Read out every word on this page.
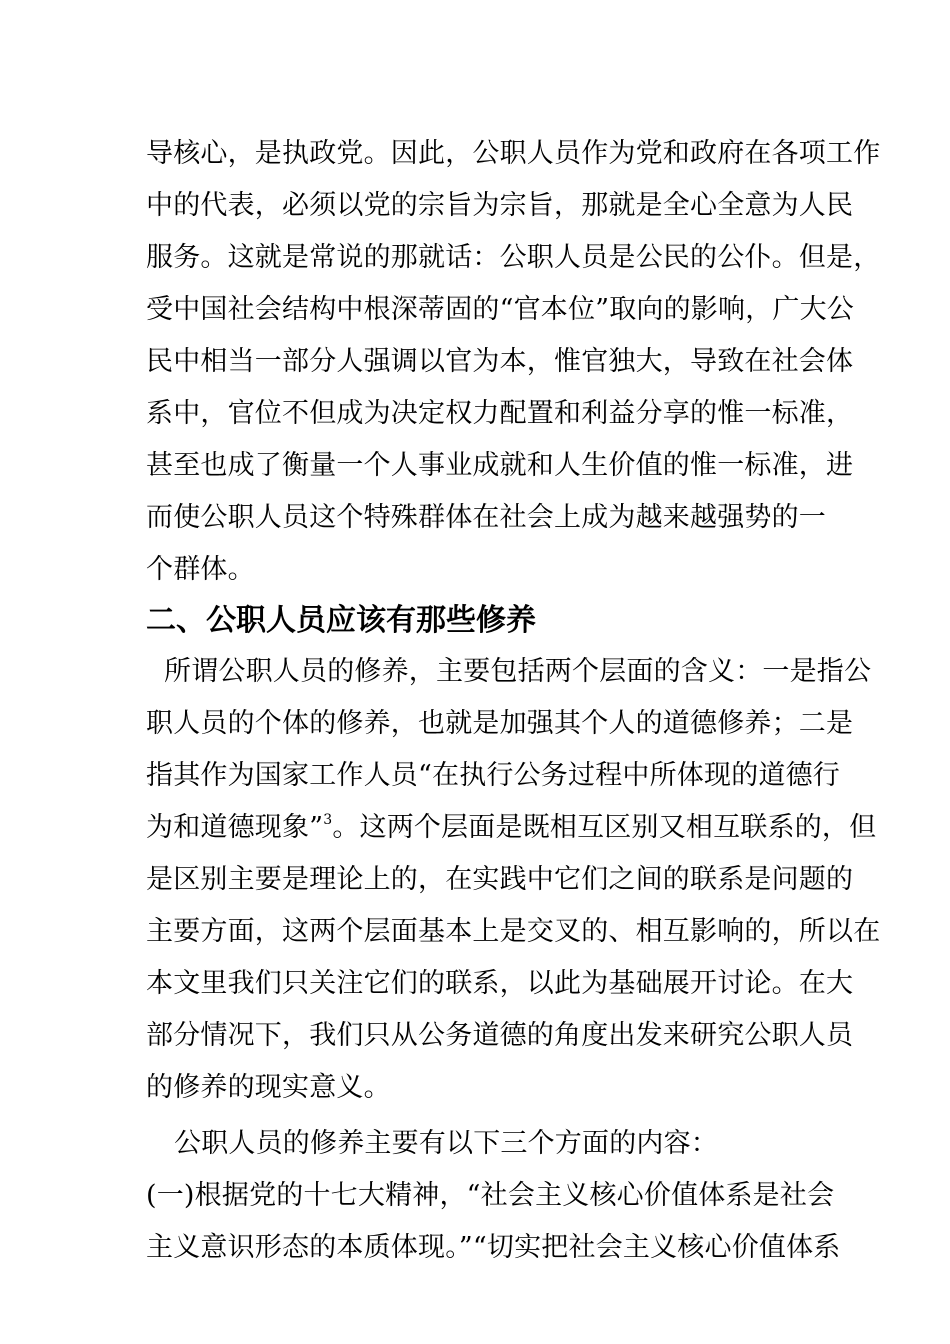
导核心，是执政党。因此，公职人员作为党和政府在各项工作
中的代表，必须以党的宗旨为宗旨，那就是全心全意为人民
服务。这就是常说的那就话：公职人员是公民的公仆。但是，
受中国社会结构中根深蒂固的“官本位”取向的影响，广大公
民中相当一部分人强调以官为本，惟官独大，导致在社会体
系中，官位不但成为决定权力配置和利益分享的惟一标准，
甚至也成了衡量一个人事业成就和人生价值的惟一标准，进
而使公职人员这个特殊群体在社会上成为越来越强势的一
个群体。
二、公职人员应该有那些修养
所谓公职人员的修养，主要包括两个层面的含义：一是指公
职人员的个体的修养，也就是加强其个人的道德修养；二是
指其作为国家工作人员“在执行公务过程中所体现的道德行
为和道德现象”$^3$。这两个层面是既相互区别又相互联系的，但
是区别主要是理论上的，在实践中它们之间的联系是问题的
主要方面，这两个层面基本上是交叉的、相互影响的，所以在
本文里我们只关注它们的联系，以此为基础展开讨论。在大
部分情况下，我们只从公务道德的角度出发来研究公职人员
的修养的现实意义。
公职人员的修养主要有以下三个方面的内容：
(一)根据党的十七大精神，“社会主义核心价值体系是社会
主义意识形态的本质体现。”“切实把社会主义核心价值体系
